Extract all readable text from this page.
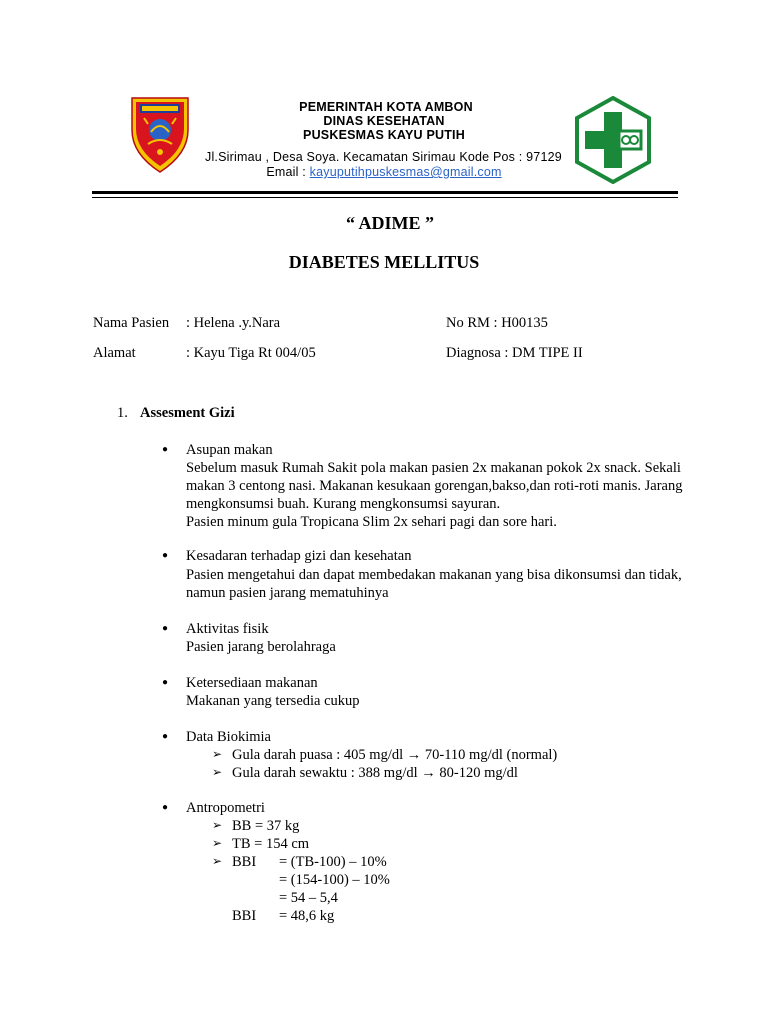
PEMERINTAH KOTA AMBON
DINAS KESEHATAN
PUSKESMAS KAYU PUTIH
Jl.Sirimau , Desa Soya. Kecamatan Sirimau Kode Pos : 97129
Email : kayuputihpuskesmas@gmail.com
“ ADIME ”
DIABETES MELLITUS
Nama Pasien : Helena .y.Nara	No RM : H00135
Alamat	: Kayu Tiga Rt 004/05	Diagnosa : DM TIPE II
1. Assesment Gizi
● Asupan makan
Sebelum masuk Rumah Sakit pola makan pasien 2x makanan pokok 2x snack. Sekali
makan 3 centong nasi. Makanan kesukaan gorengan,bakso,dan roti-roti manis. Jarang
mengkonsumsi buah. Kurang mengkonsumsi sayuran.
Pasien minum gula Tropicana Slim 2x sehari pagi dan sore hari.
● Kesadaran terhadap gizi dan kesehatan
Pasien mengetahui dan dapat membedakan makanan yang bisa dikonsumsi dan tidak,
namun pasien jarang mematuhinya
● Aktivitas fisik
Pasien jarang berolahraga
● Ketersediaan makanan
Makanan yang tersedia cukup
● Data Biokimia
➢ Gula darah puasa : 405 mg/dl → 70-110 mg/dl (normal)
➢ Gula darah sewaktu : 388 mg/dl → 80-120 mg/dl
● Antropometri
➢ BB = 37 kg
➢ TB = 154 cm
➢ BBI = (TB-100) – 10%
= (154-100) – 10%
= 54 – 5,4
BBI = 48,6 kg
